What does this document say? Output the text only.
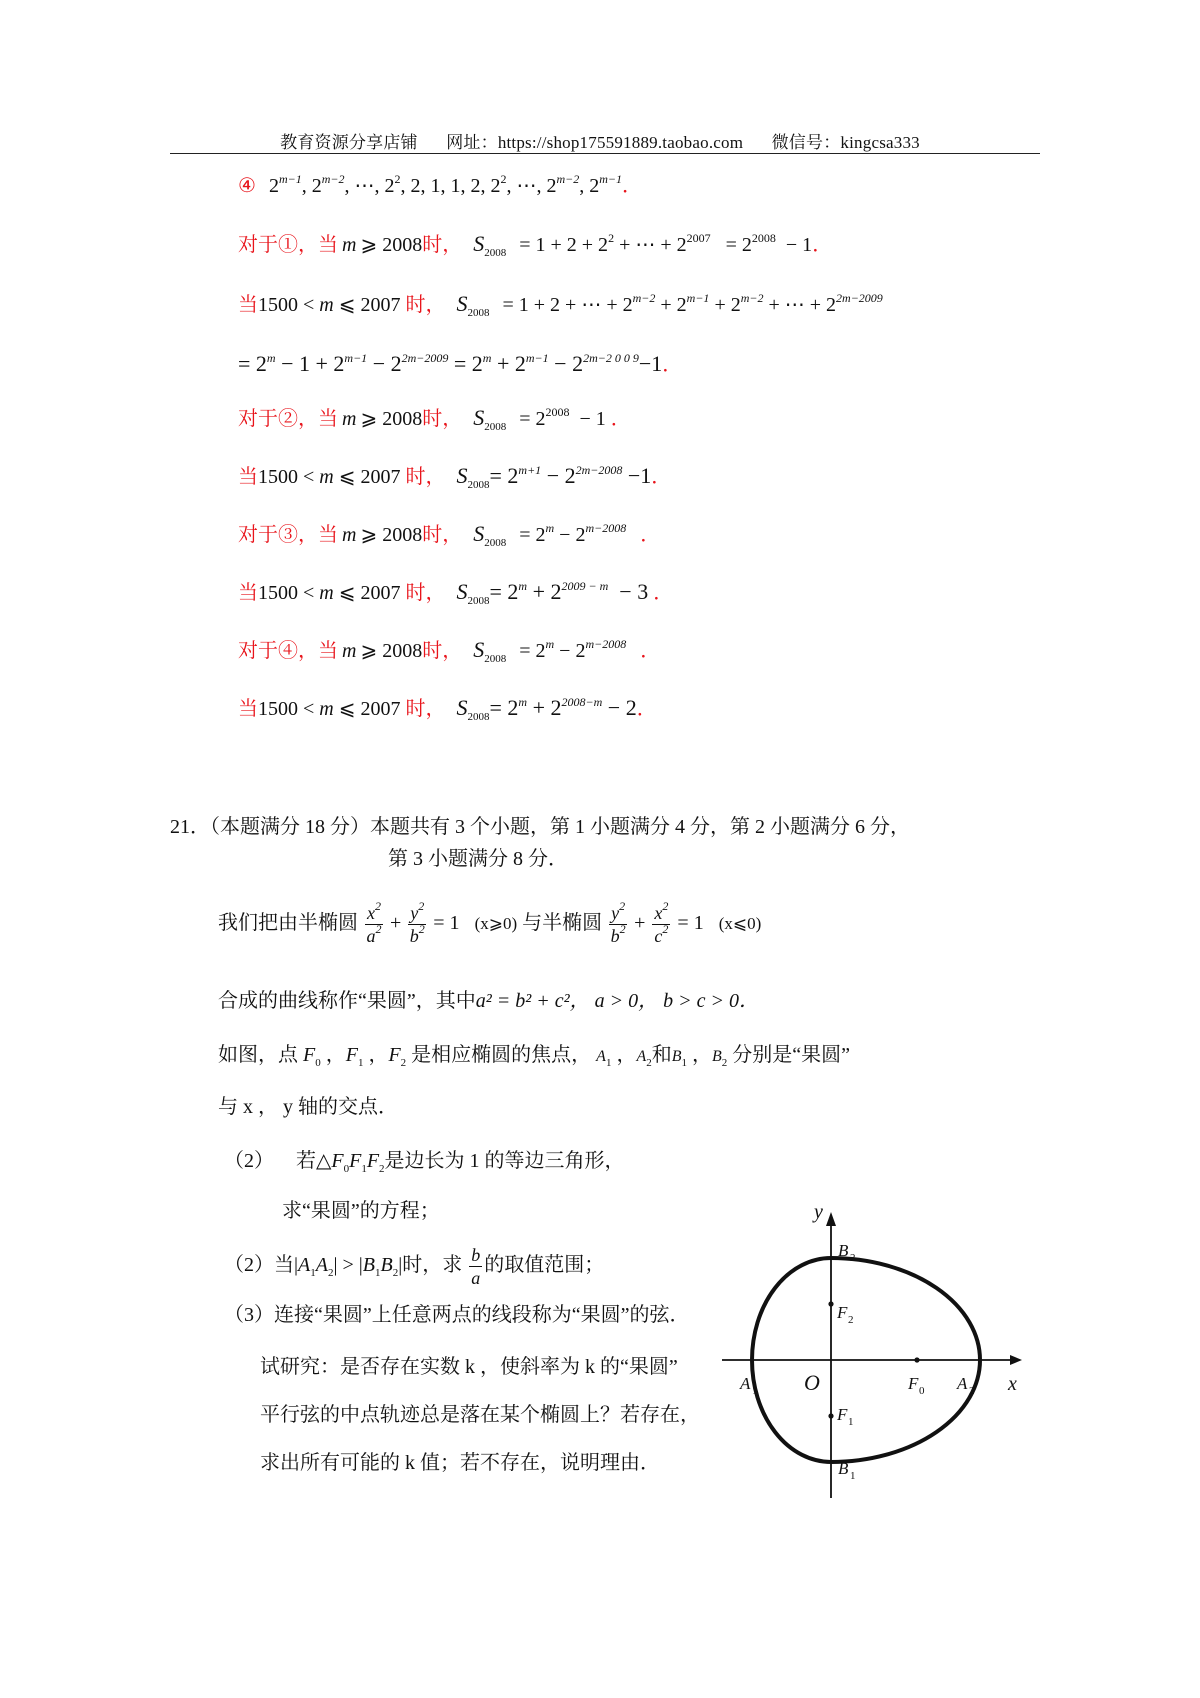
教育资源分享店铺 网址：https://shop175591889.taobao.com 微信号：kingcsa333
④ $2^{m-1}$, $2^{m-2}$, ⋯, $2^2$, 2, 1, 1, 2, $2^2$, ⋯, $2^{m-2}$, $2^{m-1}$．
对于①，当 m ⩾ 2008时， $S_{2008} = 1 + 2 + 2^2$ + ⋯ + $2^{2007} = 2^{2008} - 1$．
当1500 < m ⩽ 2007 时， $S_{2008} = 1 + 2$ + ⋯ + $2^{m-2} + 2^{m-1} + 2^{m-2}$ + ⋯ + $2^{2m-2009}$
= $2^m - 1 + 2^{m-1} - 2^{2m-2009} = 2^m + 2^{m-1} - 2^{2m-2 0 0 9}-1$．
对于②，当 m ⩾ 2008时， $S_{2008} = 2^{2008} - 1$ ．
当1500 < m ⩽ 2007 时， $S_{2008}= 2^{m+1} - 2^{2m-2008} -1$．
对于③，当 m ⩾ 2008时， $S_{2008} = 2^m - 2^{m-2008}$ ．
当1500 < m ⩽ 2007 时， $S_{2008}= 2^m + 2^{2009 - m} - 3$ ．
对于④，当 m ⩾ 2008时， $S_{2008} = 2^m - 2^{m-2008}$ ．
当1500 < m ⩽ 2007 时， $S_{2008}= 2^m + 2^{2008-m} - 2$．
21．（本题满分 18 分）本题共有 3 个小题，第 1 小题满分 4 分，第 2 小题满分 6 分，
第 3 小题满分 8 分．
我们把由半椭圆 $\frac{x^2}{a^2} + \frac{y^2}{b^2} = 1$   (x⩾0) 与半椭圆 $\frac{y^2}{b^2} + \frac{x^2}{c^2} = 1$   (x⩽0)
合成的曲线称作“果圆”，其中a² = b² + c²， a > 0， b > c > 0．
如图，点 $F_0$ ，$F_1$ ，$F_2$ 是相应椭圆的焦点， $A_1$ ，$A_2$和$B_1$ ，$B_2$ 分别是“果圆”
与 x ， y 轴的交点．
（2） 若$\triangle F_0F_1F_2$是边长为 1 的等边三角形，
求“果圆”的方程；
（2）当$|A_1A_2| > |B_1B_2|$时，求 $\frac{b}{a}$ 的取值范围；
（3）连接“果圆”上任意两点的线段称为“果圆”的弦．
试研究：是否存在实数 k ，使斜率为 k 的“果圆”
平行弦的中点轨迹总是落在某个椭圆上？若存在，
求出所有可能的 k 值；若不存在，说明理由．
y
x
O
B 2
B 1
F 2
F 1
F 0
A 1	A 2
